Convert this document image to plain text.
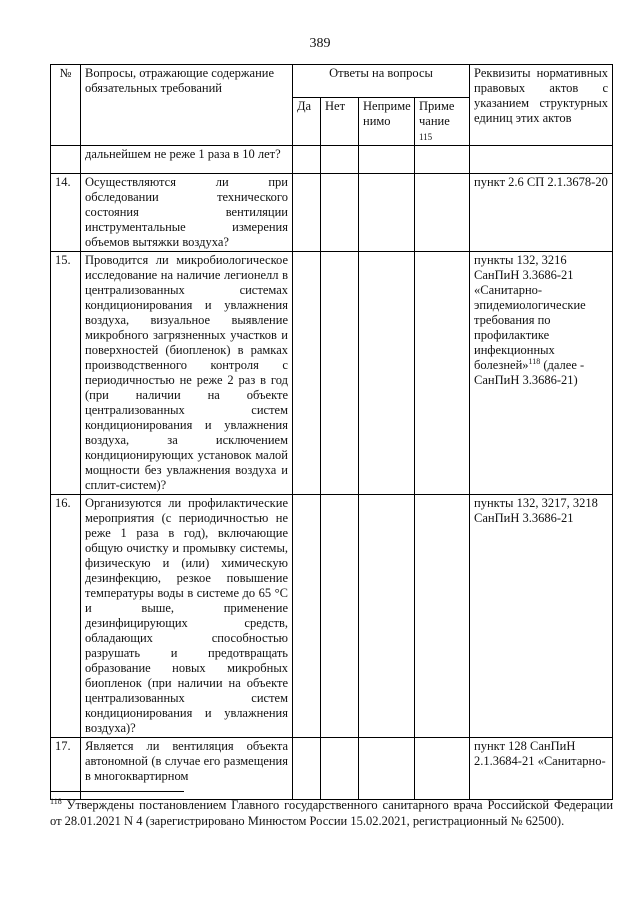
389
№	Вопросы, отражающие содержание обязательных требований	Ответы на вопросы				Реквизиты нормативных правовых актов с указанием структурных единиц этих актов
		Да	Нет	Неприме нимо	Приме чание
115	
	дальнейшем не реже 1 раза в 10 лет?					
14.	Осуществляются ли при обследовании технического состояния вентиляции инструментальные измерения объемов вытяжки воздуха?					пункт 2.6 СП 2.1.3678-20
15.	Проводится ли микробиологическое исследование на наличие легионелл в централизованных системах кондиционирования и увлажнения воздуха, визуальное выявление микробного загрязненных участков и поверхностей (биопленок) в рамках производственного контроля с периодичностью не реже 2 раз в год (при наличии на объекте централизованных систем кондиционирования и увлажнения воздуха, за исключением кондиционирующих установок малой мощности без увлажнения воздуха и сплит-систем)?					пункты 132, 3216 СанПиН 3.3686-21 «Санитарно-эпидемиологические требования по профилактике инфекционных болезней»$^{118}$ (далее - СанПиН 3.3686-21)
16.	Организуются ли профилактические мероприятия (с периодичностью не реже 1 раза в год), включающие общую очистку и промывку системы, физическую и (или) химическую дезинфекцию, резкое повышение температуры воды в системе до 65 °С и выше, применение дезинфицирующих средств, обладающих способностью разрушать и предотвращать образование новых микробных биопленок (при наличии на объекте централизованных систем кондиционирования и увлажнения воздуха)?					пункты 132, 3217, 3218 СанПиН 3.3686-21
17.	Является ли вентиляция объекта автономной (в случае его размещения в многоквартирном					пункт 128 СанПиН 2.1.3684-21 «Санитарно-
$^{118}$ Утверждены постановлением Главного государственного санитарного врача Российской Федерации от 28.01.2021 N 4 (зарегистрировано Минюстом России 15.02.2021, регистрационный № 62500).
